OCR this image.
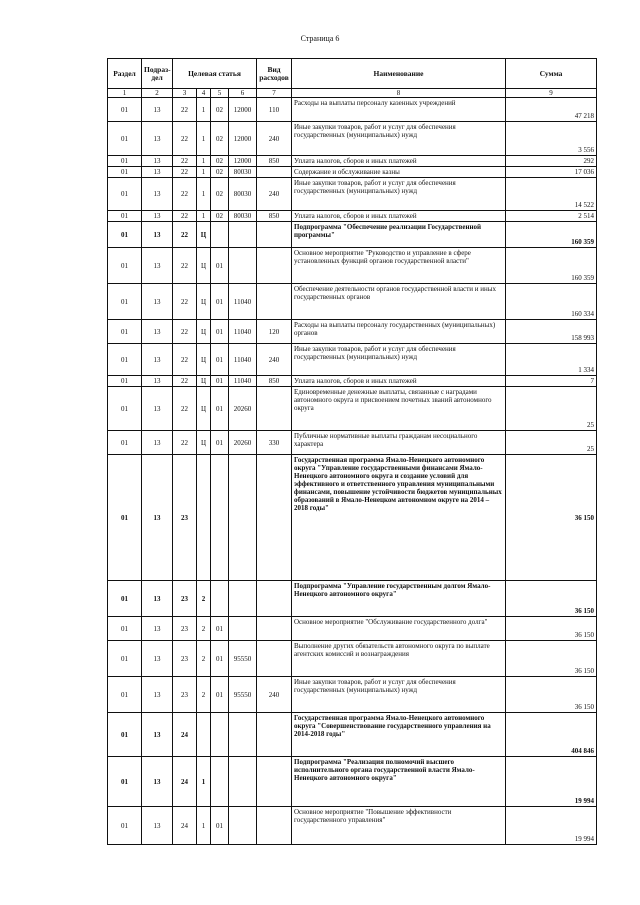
Страница 6
Раздел	Подраз-дел	Целевая статья				Вид расходов	Наименование	Сумма
1	2	3	4	5	6	7	8	9
01	13	22	1	02	12000	110	Расходы на выплаты персоналу казенных учреждений	47 218
01	13	22	1	02	12000	240	Иные закупки товаров, работ и услуг для обеспечения государственных (муниципальных) нужд	3 556
01	13	22	1	02	12000	850	Уплата налогов, сборов и иных платежей	292
01	13	22	1	02	80030		Содержание и обслуживание казны	17 036
01	13	22	1	02	80030	240	Иные закупки товаров, работ и услуг для обеспечения государственных (муниципальных) нужд	14 522
01	13	22	1	02	80030	850	Уплата налогов, сборов и иных платежей	2 514
01	13	22	Ц				Подпрограмма "Обеспечение реализации Государственной программы"	160 359
01	13	22	Ц	01			Основное мероприятие "Руководство и управление в сфере установленных функций органов государственной власти"	160 359
01	13	22	Ц	01	11040		Обеспечение деятельности органов государственной власти и иных государственных органов	160 334
01	13	22	Ц	01	11040	120	Расходы на выплаты персоналу государственных (муниципальных) органов	158 993
01	13	22	Ц	01	11040	240	Иные закупки товаров, работ и услуг для обеспечения государственных (муниципальных) нужд	1 334
01	13	22	Ц	01	11040	850	Уплата налогов, сборов и иных платежей	7
01	13	22	Ц	01	20260		Единовременные денежные выплаты, связанные с наградами автономного округа и присвоением почетных званий автономного округа	25
01	13	22	Ц	01	20260	330	Публичные нормативные выплаты гражданам несоциального характера	25
01	13	23					Государственная программа Ямало-Ненецкого автономного округа "Управление государственными финансами Ямало-Ненецкого автономного округа и создание условий для эффективного и ответственного управления муниципальными финансами, повышение устойчивости бюджетов муниципальных образований в Ямало-Ненецком автономном округе на 2014 – 2018 годы"	36 150
01	13	23	2				Подпрограмма "Управление государственным долгом Ямало-Ненецкого автономного округа"	36 150
01	13	23	2	01			Основное мероприятие "Обслуживание государственного долга"	36 150
01	13	23	2	01	95550		Выполнение других обязательств автономного округа по выплате агентских комиссий и вознаграждения	36 150
01	13	23	2	01	95550	240	Иные закупки товаров, работ и услуг для обеспечения государственных (муниципальных) нужд	36 150
01	13	24					Государственная программа Ямало-Ненецкого автономного округа "Совершенствование государственного управления на 2014-2018 годы"	404 846
01	13	24	1				Подпрограмма "Реализация полномочий высшего исполнительного органа государственной власти Ямало-Ненецкого автономного округа"	19 994
01	13	24	1	01			Основное мероприятие "Повышение эффективности государственного управления"	19 994
